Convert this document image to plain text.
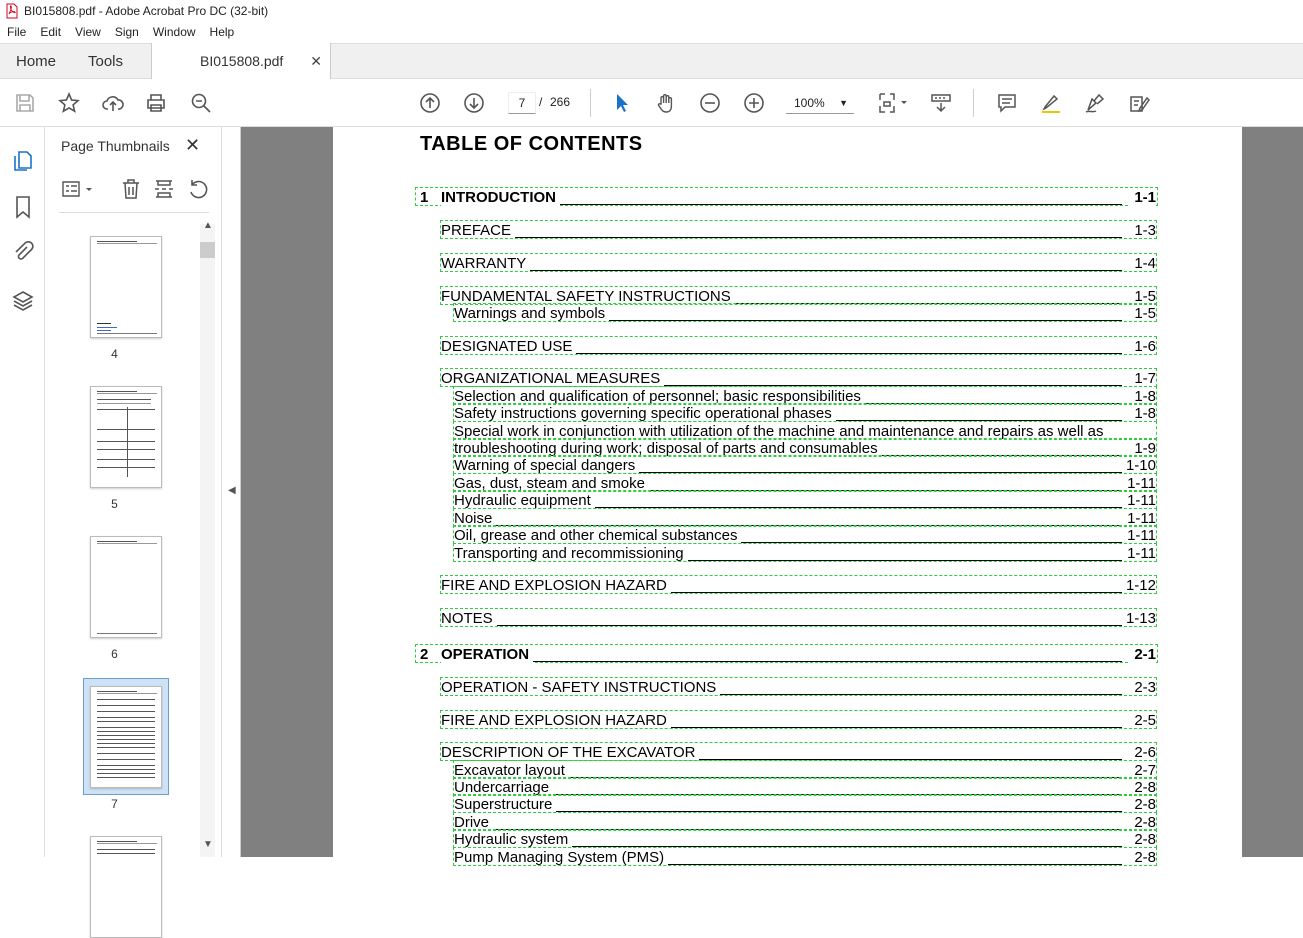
BI015808.pdf - Adobe Acrobat Pro DC (32-bit)
File	Edit	View	Sign	Window	Help
Home Tools	BI015808.pdf ✕
7	/ 266	100% ▼
Page Thumbnails ✕
4
5
6
7
▲
▼
◀
TABLE OF CONTENTS
1 INTRODUCTION	1-1
PREFACE	1-3
WARRANTY	1-4
FUNDAMENTAL SAFETY INSTRUCTIONS	1-5
Warnings and symbols	1-5
DESIGNATED USE	1-6
ORGANIZATIONAL MEASURES	1-7
Selection and qualification of personnel; basic responsibilities	1-8
Safety instructions governing specific operational phases	1-8
Special work in conjunction with utilization of the machine and maintenance and repairs as well as
troubleshooting during work; disposal of parts and consumables	1-9
Warning of special dangers	1-10
Gas, dust, steam and smoke	1-11
Hydraulic equipment	1-11
Noise	1-11
Oil, grease and other chemical substances	1-11
Transporting and recommissioning	1-11
FIRE AND EXPLOSION HAZARD	1-12
NOTES	1-13
2 OPERATION	2-1
OPERATION - SAFETY INSTRUCTIONS	2-3
FIRE AND EXPLOSION HAZARD	2-5
DESCRIPTION OF THE EXCAVATOR	2-6
Excavator layout	2-7
Undercarriage	2-8
Superstructure	2-8
Drive	2-8
Hydraulic system	2-8
Pump Managing System (PMS)	2-8
